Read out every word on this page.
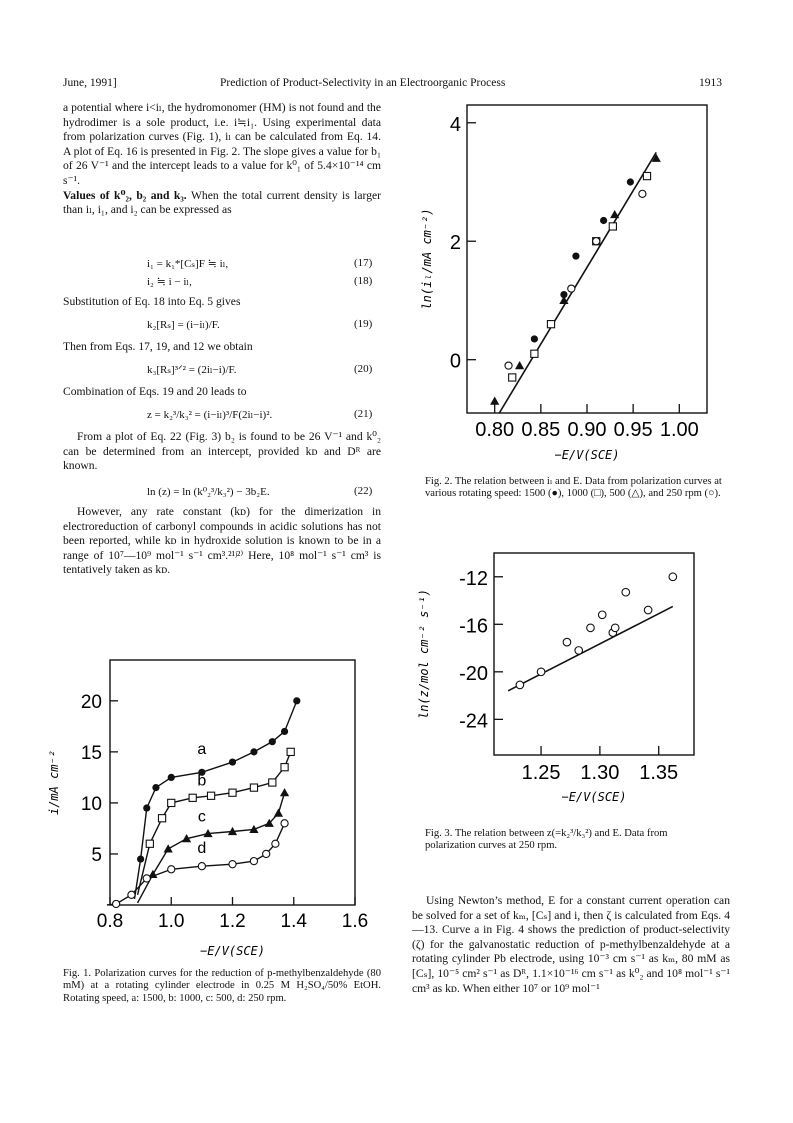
June, 1991]	Prediction of Product-Selectivity in an Electroorganic Process	1913

a potential where i<iₗ, the hydromonomer (HM) is not found and the hydrodimer is a sole product, i.e. i≒i₁. Using experimental data from polarization curves (Fig. 1), iₗ can be calculated from Eq. 14. A plot of Eq. 16 is presented in Fig. 2. The slope gives a value for b₁ of 26 V⁻¹ and the intercept leads to a value for k⁰₁ of 5.4×10⁻¹⁴ cm s⁻¹.

Values of k⁰₂, b₂ and k₃. When the total current density is larger than iₗ, i₁, and i₂ can be expressed as

i₁ = k₁*[Cₛ]F ≒ iₗ,	(17)
i₂ ≒ i − iₗ,	(18)

Substitution of Eq. 18 into Eq. 5 gives

k₂[Rₛ] = (i−iₗ)/F.	(19)

Then from Eqs. 17, 19, and 12 we obtain

k₃[Rₛ]³ᐟ² = (2iₗ−i)/F.	(20)

Combination of Eqs. 19 and 20 leads to

z = k₂³/k₃² = (i−iₗ)³/F(2iₗ−i)².	(21)

From a plot of Eq. 22 (Fig. 3) b₂ is found to be 26 V⁻¹ and k⁰₂ can be determined from an intercept, provided kᴅ and Dᴿ are known.

ln (z) = ln (k⁰₂³/k₃²) − 3b₂E.	(22)

However, any rate constant (kᴅ) for the dimerization in electroreduction of carbonyl compounds in acidic solutions has not been reported, while kᴅ in hydroxide solution is known to be in a range of 10⁷—10⁹ mol⁻¹ s⁻¹ cm³.²¹ʲ²⁾ Here, 10⁸ mol⁻¹ s⁻¹ cm³ is tentatively taken as kᴅ.

0.8 1.0 1.2 1.4 1.6
5
10
15
20
−E/V(SCE)
i/mA cm⁻²
a
b
c
d
Fig. 1. Polarization curves for the reduction of p-methylbenzaldehyde (80 mM) at a rotating cylinder electrode in 0.25 M H₂SO₄/50% EtOH. Rotating speed, a: 1500, b: 1000, c: 500, d: 250 rpm.
0.80 0.85 0.90 0.95 1.00
0
2
4
−E/V(SCE)
ln(iₗ/mA cm⁻²)
Fig. 2. The relation between iₗ and E. Data from polarization curves at various rotating speed: 1500 (●), 1000 (□), 500 (△), and 250 rpm (○).
1.25 1.30 1.35
-12
-16
-20
-24
−E/V(SCE)
ln(z/mol cm⁻² s⁻¹)
Fig. 3. The relation between z(=k₂³/k₃²) and E. Data from polarization curves at 250 rpm.

Using Newton’s method, E for a constant current operation can be solved for a set of kₘ, [Cₛ] and i, then ζ is calculated from Eqs. 4—13. Curve a in Fig. 4 shows the prediction of product-selectivity (ζ) for the galvanostatic reduction of p-methylbenzaldehyde at a rotating cylinder Pb electrode, using 10⁻³ cm s⁻¹ as kₘ, 80 mM as [Cₛ], 10⁻⁵ cm² s⁻¹ as Dᴿ, 1.1×10⁻¹⁶ cm s⁻¹ as k⁰₂ and 10⁸ mol⁻¹ s⁻¹ cm³ as kᴅ. When either 10⁷ or 10⁹ mol⁻¹
